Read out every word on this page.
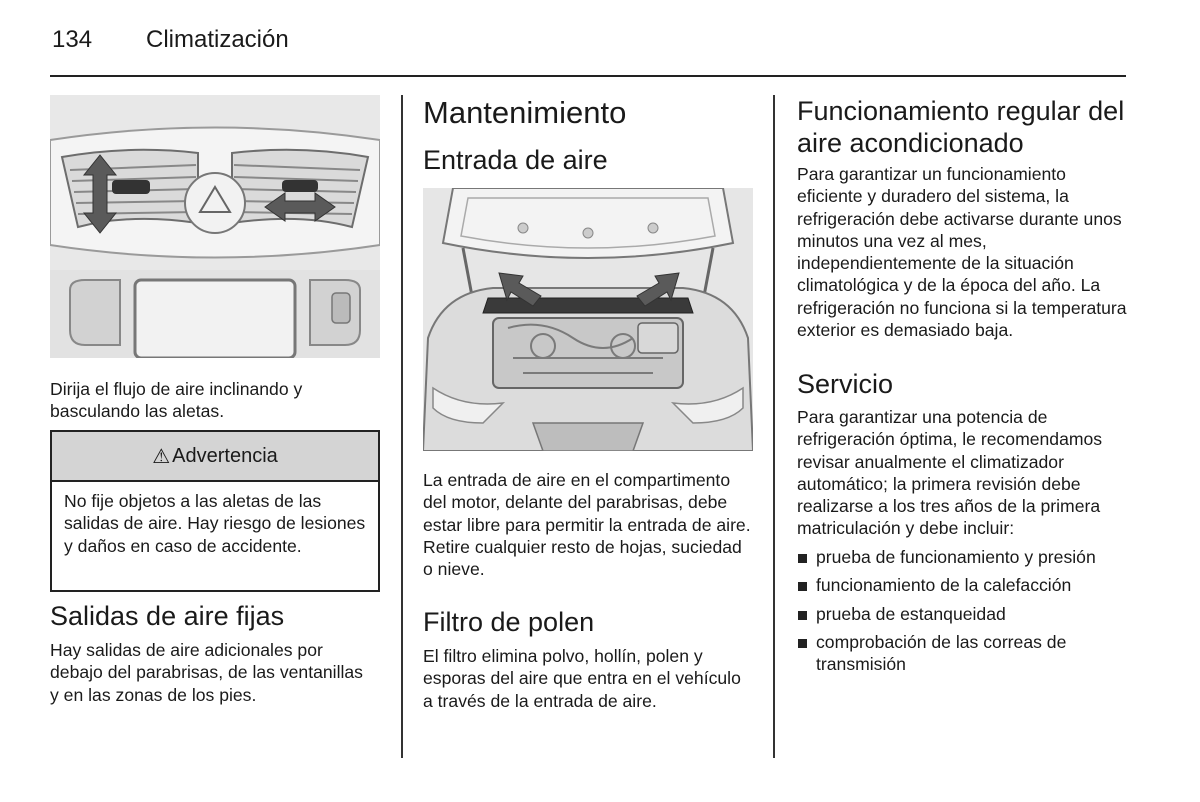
134 Climatización
Dirija el flujo de aire inclinando y basculando las aletas.
⚠ Advertencia
No fije objetos a las aletas de las salidas de aire. Hay riesgo de lesiones y daños en caso de accidente.
Salidas de aire fijas
Hay salidas de aire adicionales por debajo del parabrisas, de las ventanillas y en las zonas de los pies.
Mantenimiento
Entrada de aire
La entrada de aire en el compartimento del motor, delante del parabrisas, debe estar libre para permitir la entrada de aire. Retire cualquier resto de hojas, suciedad o nieve.
Filtro de polen
El filtro elimina polvo, hollín, polen y esporas del aire que entra en el vehículo a través de la entrada de aire.
Funcionamiento regular del aire acondicionado
Para garantizar un funcionamiento eficiente y duradero del sistema, la refrigeración debe activarse durante unos minutos una vez al mes, independientemente de la situación climatológica y de la época del año. La refrigeración no funciona si la temperatura exterior es demasiado baja.
Servicio
Para garantizar una potencia de refrigeración óptima, le recomendamos revisar anualmente el climatizador automático; la primera revisión debe realizarse a los tres años de la primera matriculación y debe incluir:
prueba de funcionamiento y presión
funcionamiento de la calefacción
prueba de estanqueidad
comprobación de las correas de transmisión
